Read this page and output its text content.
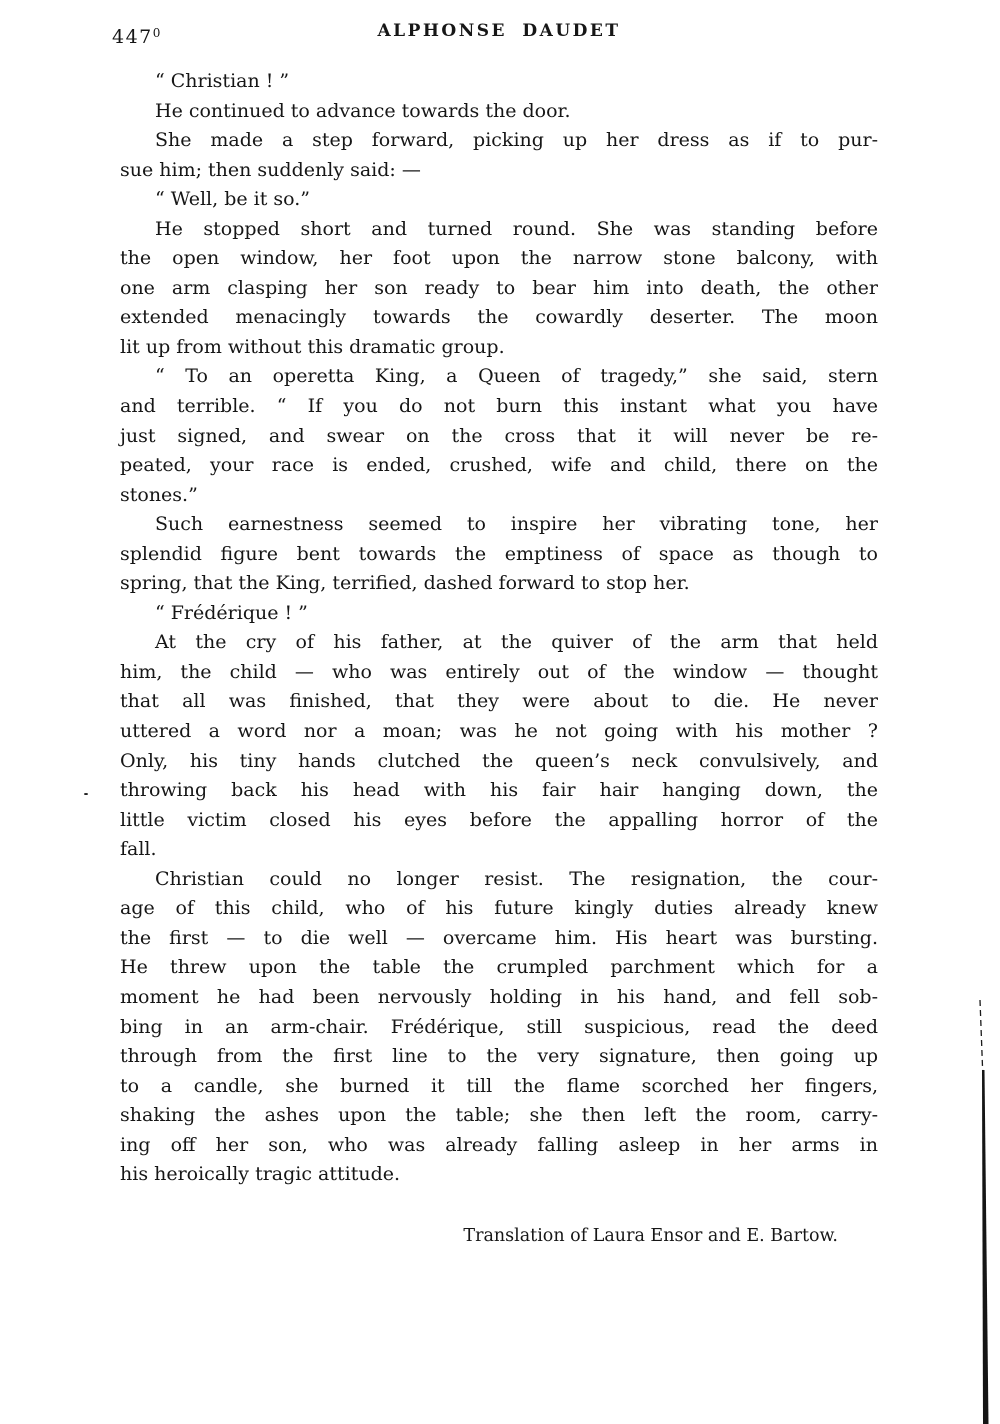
$447^0$	ALPHONSE DAUDET
“ Christian ! ”
He continued to advance towards the door.
She made a step forward, picking up her dress as if to pur-
sue him; then suddenly said: —
“ Well, be it so.”
He stopped short and turned round. She was standing before
the open window, her foot upon the narrow stone balcony, with
one arm clasping her son ready to bear him into death, the other
extended menacingly towards the cowardly deserter. The moon
lit up from without this dramatic group.
“ To an operetta King, a Queen of tragedy,” she said, stern
and terrible. “ If you do not burn this instant what you have
just signed, and swear on the cross that it will never be re-
peated, your race is ended, crushed, wife and child, there on the
stones.”
Such earnestness seemed to inspire her vibrating tone, her
splendid figure bent towards the emptiness of space as though to
spring, that the King, terrified, dashed forward to stop her.
“ Frédérique ! ”
At the cry of his father, at the quiver of the arm that held
him, the child — who was entirely out of the window — thought
that all was finished, that they were about to die. He never
uttered a word nor a moan; was he not going with his mother ?
Only, his tiny hands clutched the queen’s neck convulsively, and
throwing back his head with his fair hair hanging down, the
little victim closed his eyes before the appalling horror of the
fall.
Christian could no longer resist. The resignation, the cour-
age of this child, who of his future kingly duties already knew
the first — to die well — overcame him. His heart was bursting.
He threw upon the table the crumpled parchment which for a
moment he had been nervously holding in his hand, and fell sob-
bing in an arm-chair. Frédérique, still suspicious, read the deed
through from the first line to the very signature, then going up
to a candle, she burned it till the flame scorched her fingers,
shaking the ashes upon the table; she then left the room, carry-
ing off her son, who was already falling asleep in her arms in
his heroically tragic attitude.
Translation of Laura Ensor and E. Bartow.
